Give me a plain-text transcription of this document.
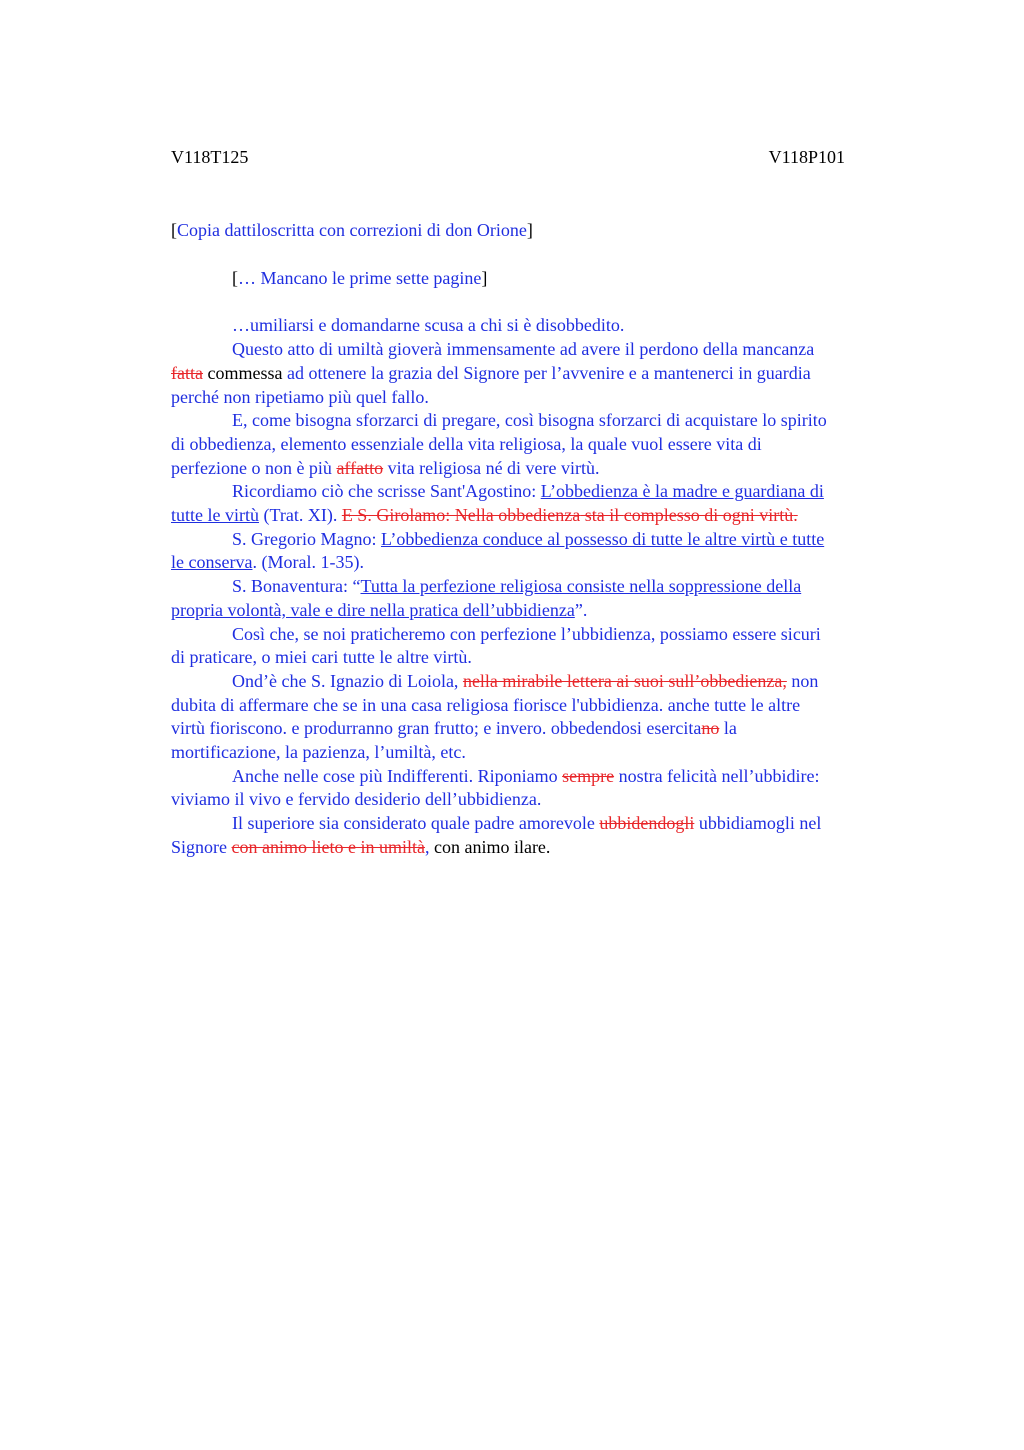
V118T125	V118P101
[Copia dattiloscritta con correzioni di don Orione]
[… Mancano le prime sette pagine]

…umiliarsi e domandarne scusa a chi si è disobbedito.

Questo atto di umiltà gioverà immensamente ad avere il perdono della mancanza
fatta commessa ad ottenere la grazia del Signore per l’avvenire e a mantenerci in guardia
perché non ripetiamo più quel fallo.

E, come bisogna sforzarci di pregare, così bisogna sforzarci di acquistare lo spirito
di obbedienza, elemento essenziale della vita religiosa, la quale vuol essere vita di
perfezione o non è più affatto vita religiosa né di vere virtù.

Ricordiamo ciò che scrisse Sant'Agostino: L’obbedienza è la madre e guardiana di
tutte le virtù (Trat. XI). E S. Girolamo: Nella obbedienza sta il complesso di ogni virtù.

S. Gregorio Magno: L’obbedienza conduce al possesso di tutte le altre virtù e tutte
le conserva. (Moral. 1-35).

S. Bonaventura: “Tutta la perfezione religiosa consiste nella soppressione della
propria volontà, vale e dire nella pratica dell’ubbidienza”.

Così che, se noi praticheremo con perfezione l’ubbidienza, possiamo essere sicuri
di praticare, o miei cari tutte le altre virtù.

Ond’è che S. Ignazio di Loiola, nella mirabile lettera ai suoi sull’obbedienza, non
dubita di affermare che se in una casa religiosa fiorisce l'ubbidienza. anche tutte le altre
virtù fioriscono. e produrranno gran frutto; e invero. obbedendosi esercitano la
mortificazione, la pazienza, l’umiltà, etc.

Anche nelle cose più Indifferenti. Riponiamo sempre nostra felicità nell’ubbidire:
viviamo il vivo e fervido desiderio dell’ubbidienza.

Il superiore sia considerato quale padre amorevole ubbidendogli ubbidiamogli nel
Signore con animo lieto e in umiltà, con animo ilare.
